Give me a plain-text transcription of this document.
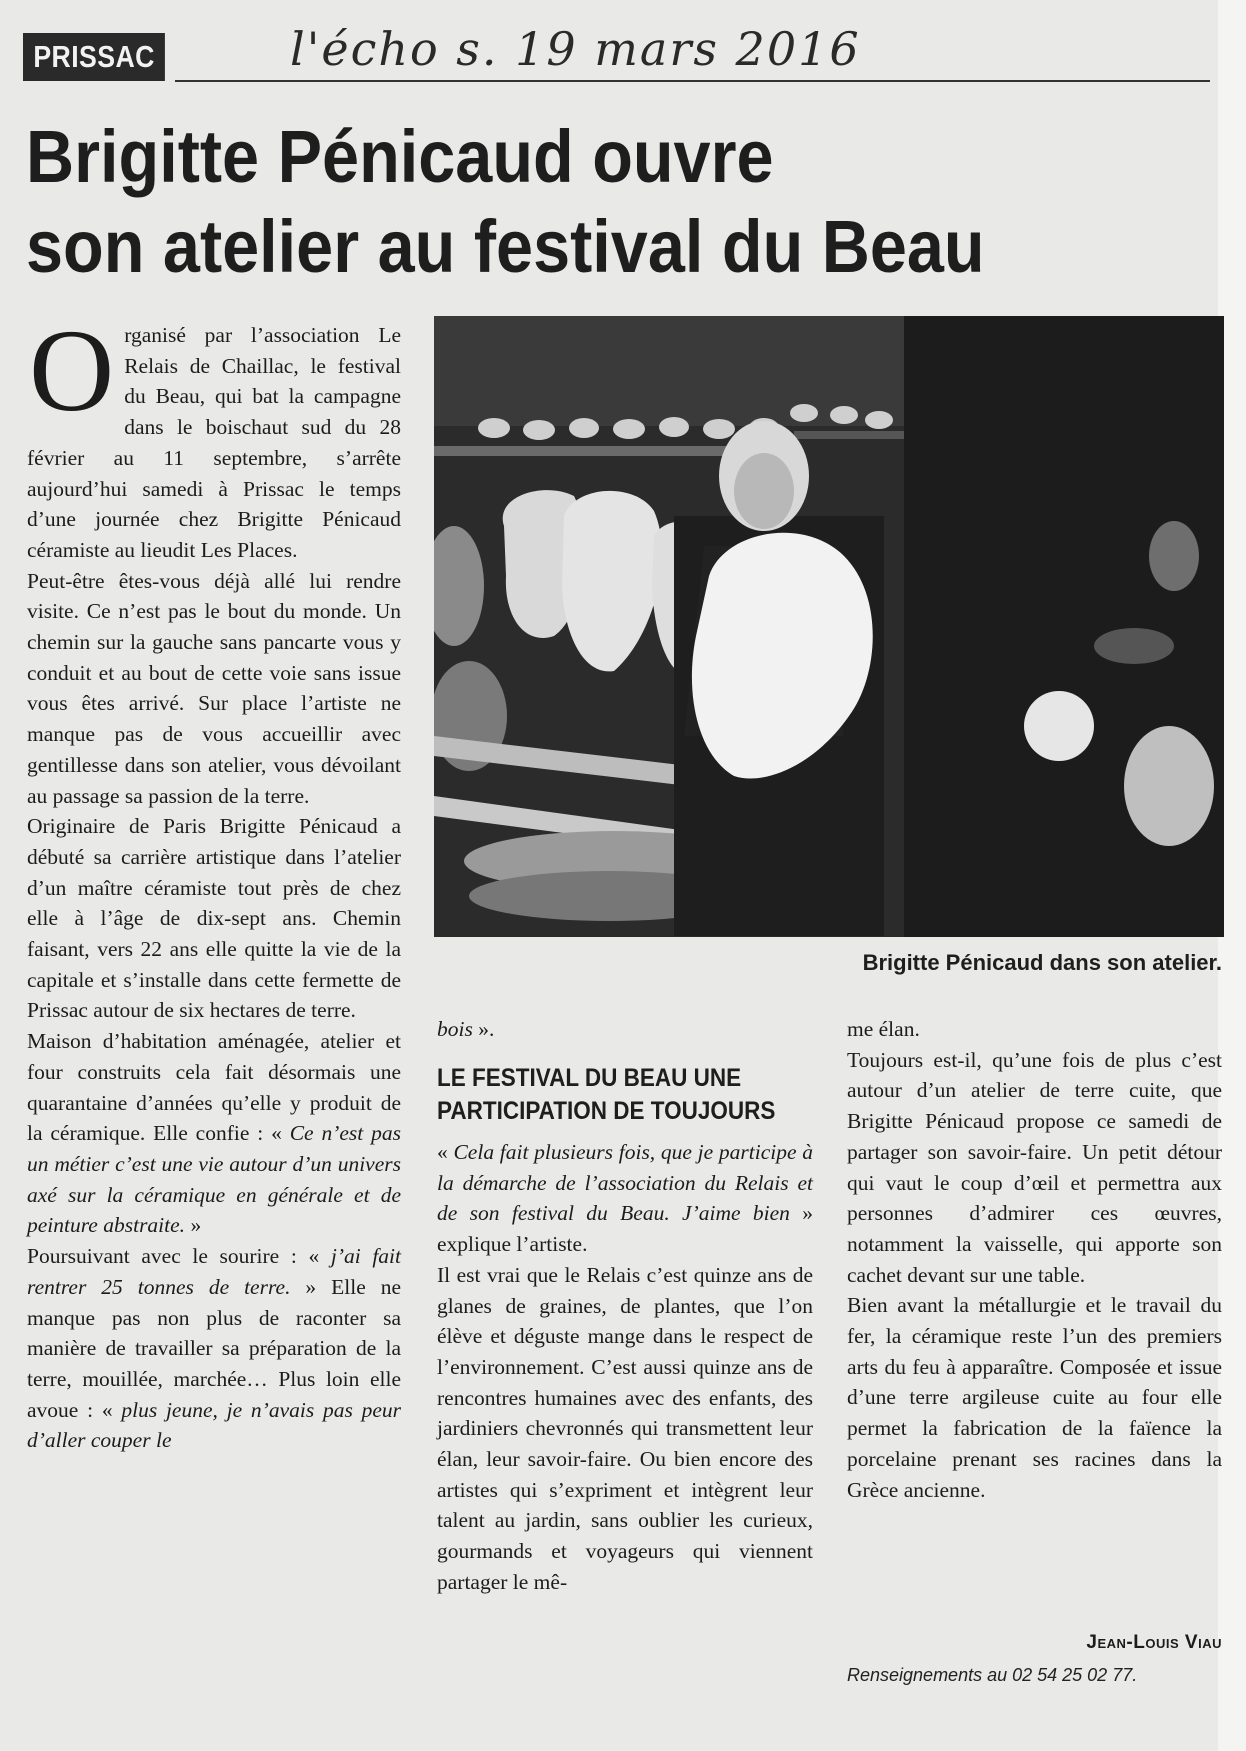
PRISSAC	l'écho s. 19 mars 2016
Brigitte Pénicaud ouvre
son atelier au festival du Beau

Organisé par l’association Le Relais de Chaillac, le festival du Beau, qui bat la campagne dans le boischaut sud du 28 février au 11 septembre, s’arrête aujourd’hui samedi à Prissac le temps d’une journée chez Brigitte Pénicaud céramiste au lieudit Les Places.

Peut-être êtes-vous déjà allé lui rendre visite. Ce n’est pas le bout du monde. Un chemin sur la gauche sans pancarte vous y conduit et au bout de cette voie sans issue vous êtes arrivé. Sur place l’artiste ne manque pas de vous accueillir avec gentillesse dans son atelier, vous dévoilant au passage sa passion de la terre.

Originaire de Paris Brigitte Pénicaud a débuté sa carrière artistique dans l’atelier d’un maître céramiste tout près de chez elle à l’âge de dix-sept ans. Chemin faisant, vers 22 ans elle quitte la vie de la capitale et s’installe dans cette fermette de Prissac autour de six hectares de terre.

Maison d’habitation aménagée, atelier et four construits cela fait désormais une quarantaine d’années qu’elle y produit de la céramique. Elle confie : « Ce n’est pas un métier c’est une vie autour d’un univers axé sur la céramique en générale et de peinture abstraite. »

Poursuivant avec le sourire : « j’ai fait rentrer 25 tonnes de terre. » Elle ne manque pas non plus de raconter sa manière de travailler sa préparation de la terre, mouillée, marchée… Plus loin elle avoue : « plus jeune, je n’avais pas peur d’aller couper le

Brigitte Pénicaud dans son atelier.

bois ».

LE FESTIVAL DU BEAU UNE PARTICIPATION DE TOUJOURS

« Cela fait plusieurs fois, que je participe à la démarche de l’association du Relais et de son festival du Beau. J’aime bien » explique l’artiste.

Il est vrai que le Relais c’est quinze ans de glanes de graines, de plantes, que l’on élève et déguste mange dans le respect de l’environnement. C’est aussi quinze ans de rencontres humaines avec des enfants, des jardiniers chevronnés qui transmettent leur élan, leur savoir-faire. Ou bien encore des artistes qui s’expriment et intègrent leur talent au jardin, sans oublier les curieux, gourmands et voyageurs qui viennent partager le mê-

me élan.

Toujours est-il, qu’une fois de plus c’est autour d’un atelier de terre cuite, que Brigitte Pénicaud propose ce samedi de partager son savoir-faire. Un petit détour qui vaut le coup d’œil et permettra aux personnes d’admirer ces œuvres, notamment la vaisselle, qui apporte son cachet devant sur une table.

Bien avant la métallurgie et le travail du fer, la céramique reste l’un des premiers arts du feu à apparaître. Composée et issue d’une terre argileuse cuite au four elle permet la fabrication de la faïence la porcelaine prenant ses racines dans la Grèce ancienne.

Jean-Louis Viau
Renseignements au 02 54 25 02 77.
